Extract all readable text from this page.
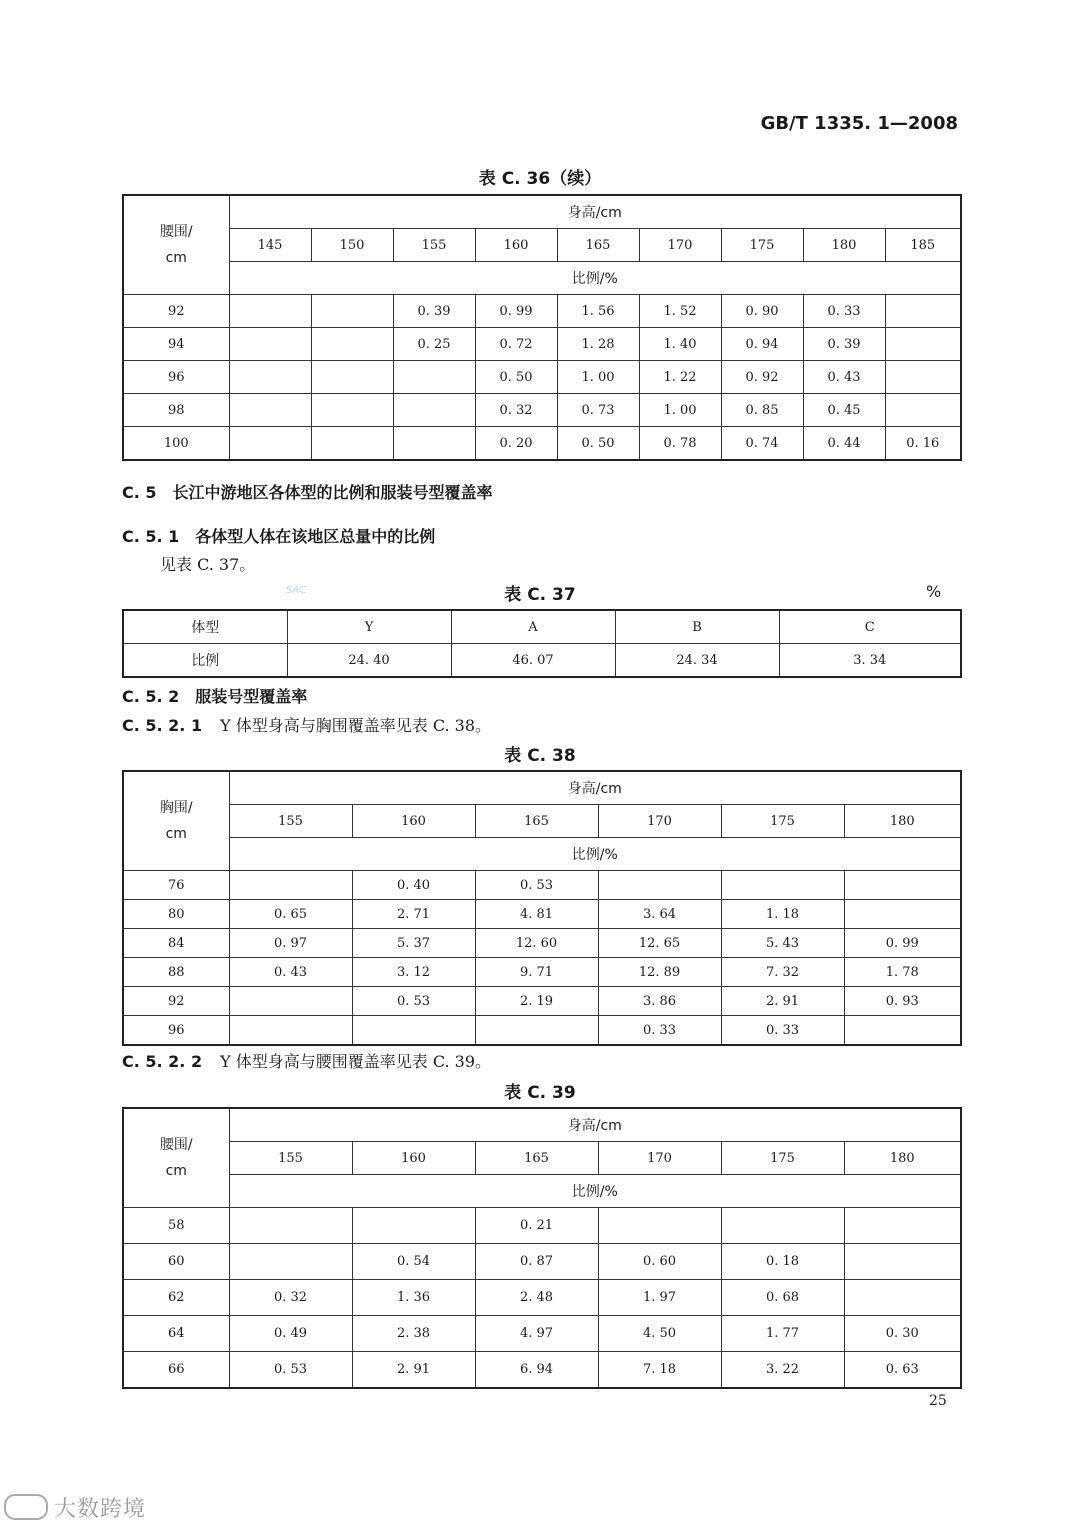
GB/T 1335. 1—2008
表 C. 36（续）
腰围/
cm	身高/cm								
	145	150	155	160	165	170	175	180	185
	比例/%								
92			0. 39	0. 99	1. 56	1. 52	0. 90	0. 33	
94			0. 25	0. 72	1. 28	1. 40	0. 94	0. 39	
96				0. 50	1. 00	1. 22	0. 92	0. 43	
98				0. 32	0. 73	1. 00	0. 85	0. 45	
100				0. 20	0. 50	0. 78	0. 74	0. 44	0. 16
C. 5　长江中游地区各体型的比例和服装号型覆盖率
C. 5. 1　各体型人体在该地区总量中的比例
见表 C. 37。
表 C. 37
SAC	%
体型	Y	A	B	C
比例	24. 40	46. 07	24. 34	3. 34
C. 5. 2　服装号型覆盖率
C. 5. 2. 1 Y 体型身高与胸围覆盖率见表 C. 38。
表 C. 38
胸围/
cm	身高/cm					
	155	160	165	170	175	180
	比例/%					
76		0. 40	0. 53			
80	0. 65	2. 71	4. 81	3. 64	1. 18	
84	0. 97	5. 37	12. 60	12. 65	5. 43	0. 99
88	0. 43	3. 12	9. 71	12. 89	7. 32	1. 78
92		0. 53	2. 19	3. 86	2. 91	0. 93
96				0. 33	0. 33	
C. 5. 2. 2 Y 体型身高与腰围覆盖率见表 C. 39。
表 C. 39
腰围/
cm	身高/cm					
	155	160	165	170	175	180
	比例/%					
58			0. 21			
60		0. 54	0. 87	0. 60	0. 18	
62	0. 32	1. 36	2. 48	1. 97	0. 68	
64	0. 49	2. 38	4. 97	4. 50	1. 77	0. 30
66	0. 53	2. 91	6. 94	7. 18	3. 22	0. 63
25
大数跨境
